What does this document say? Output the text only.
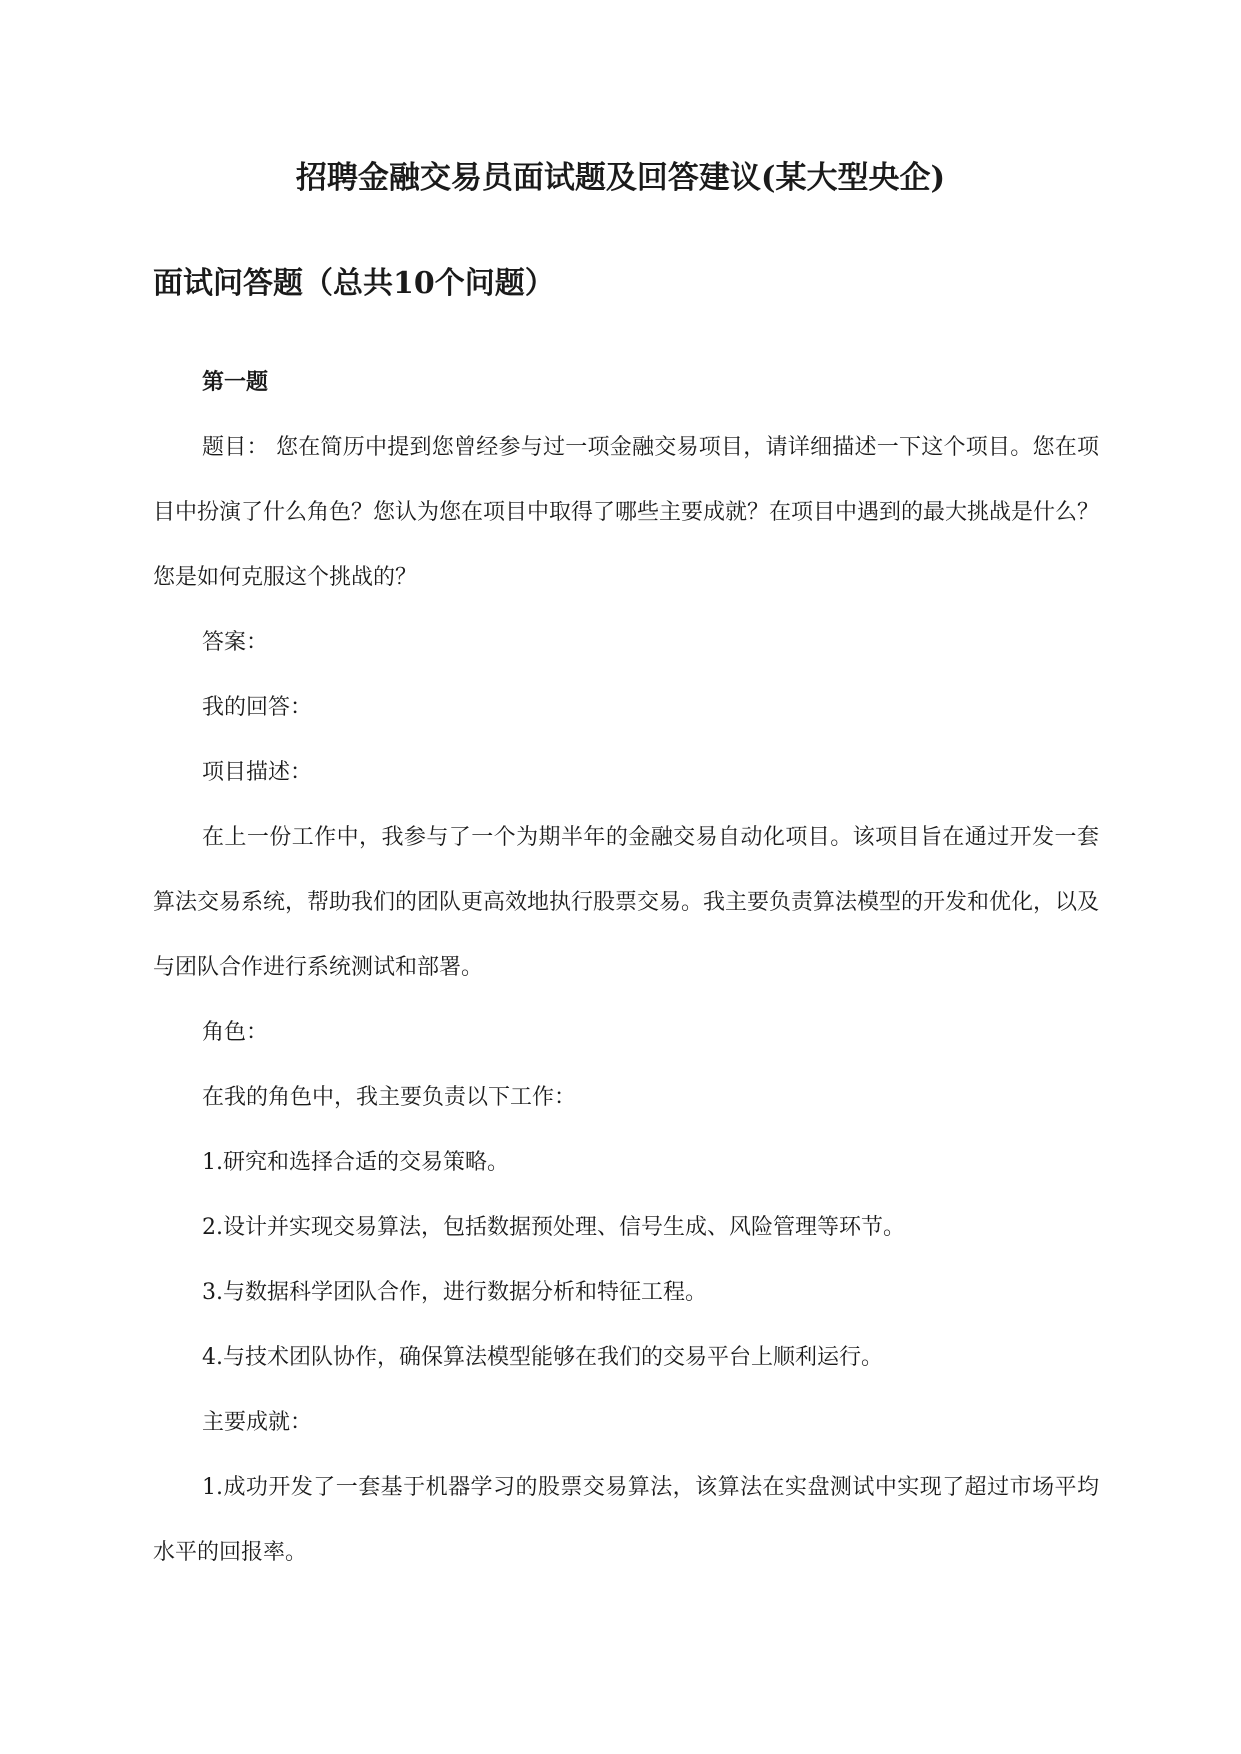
招聘金融交易员面试题及回答建议(某大型央企)
面试问答题（总共10个问题）

第一题

题目： 您在简历中提到您曾经参与过一项金融交易项目，请详细描述一下这个项目。您在项目中扮演了什么角色？您认为您在项目中取得了哪些主要成就？在项目中遇到的最大挑战是什么？您是如何克服这个挑战的？

答案：

我的回答：

项目描述：

在上一份工作中，我参与了一个为期半年的金融交易自动化项目。该项目旨在通过开发一套算法交易系统，帮助我们的团队更高效地执行股票交易。我主要负责算法模型的开发和优化，以及与团队合作进行系统测试和部署。

角色：

在我的角色中，我主要负责以下工作：

1.研究和选择合适的交易策略。

2.设计并实现交易算法，包括数据预处理、信号生成、风险管理等环节。

3.与数据科学团队合作，进行数据分析和特征工程。

4.与技术团队协作，确保算法模型能够在我们的交易平台上顺利运行。

主要成就：

1.成功开发了一套基于机器学习的股票交易算法，该算法在实盘测试中实现了超过市场平均水平的回报率。
